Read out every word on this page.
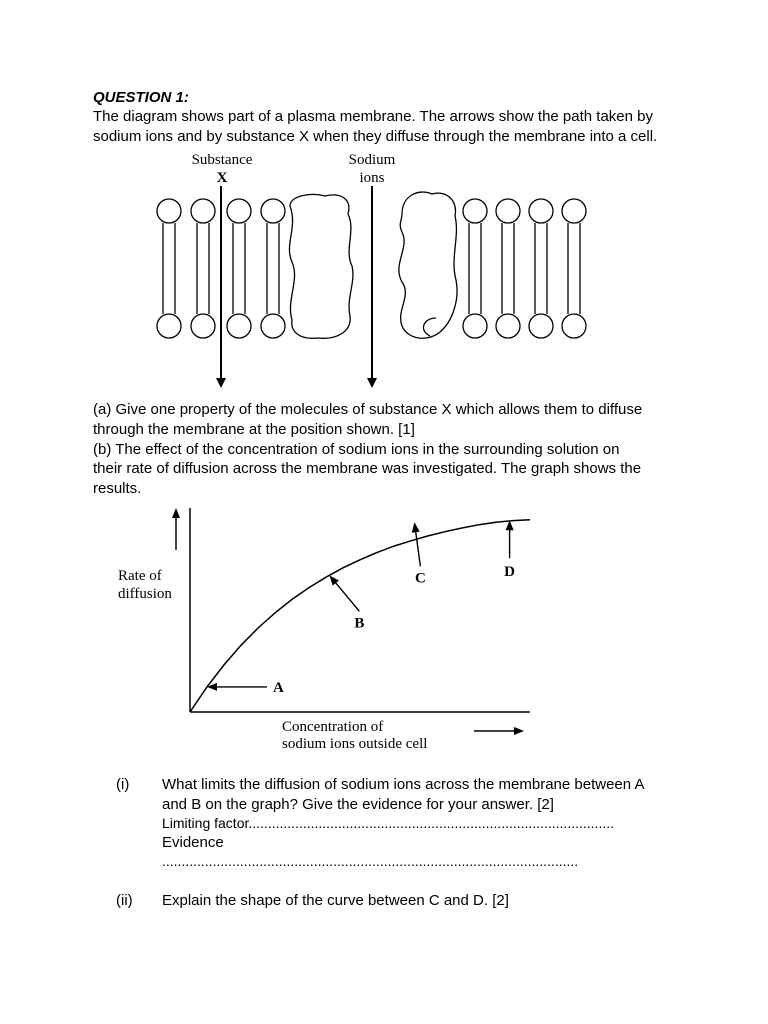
QUESTION 1:
The diagram shows part of a plasma membrane. The arrows show the path taken by
sodium ions and by substance X when they diffuse through the membrane into a cell.
Substance
X
Sodium
ions
(a) Give one property of the molecules of substance X which allows them to diffuse
through the membrane at the position shown. [1]
(b) The effect of the concentration of sodium ions in the surrounding solution on
their rate of diffusion across the membrane was investigated. The graph shows the
results.
Rate of
diffusion
Concentration of
sodium ions outside cell
A
B
C	D
(i) What limits the diffusion of sodium ions across the membrane between A
and B on the graph? Give the evidence for your answer. [2]
Limiting factor..............................................................................................
Evidence
...........................................................................................................
(ii) Explain the shape of the curve between C and D. [2]
